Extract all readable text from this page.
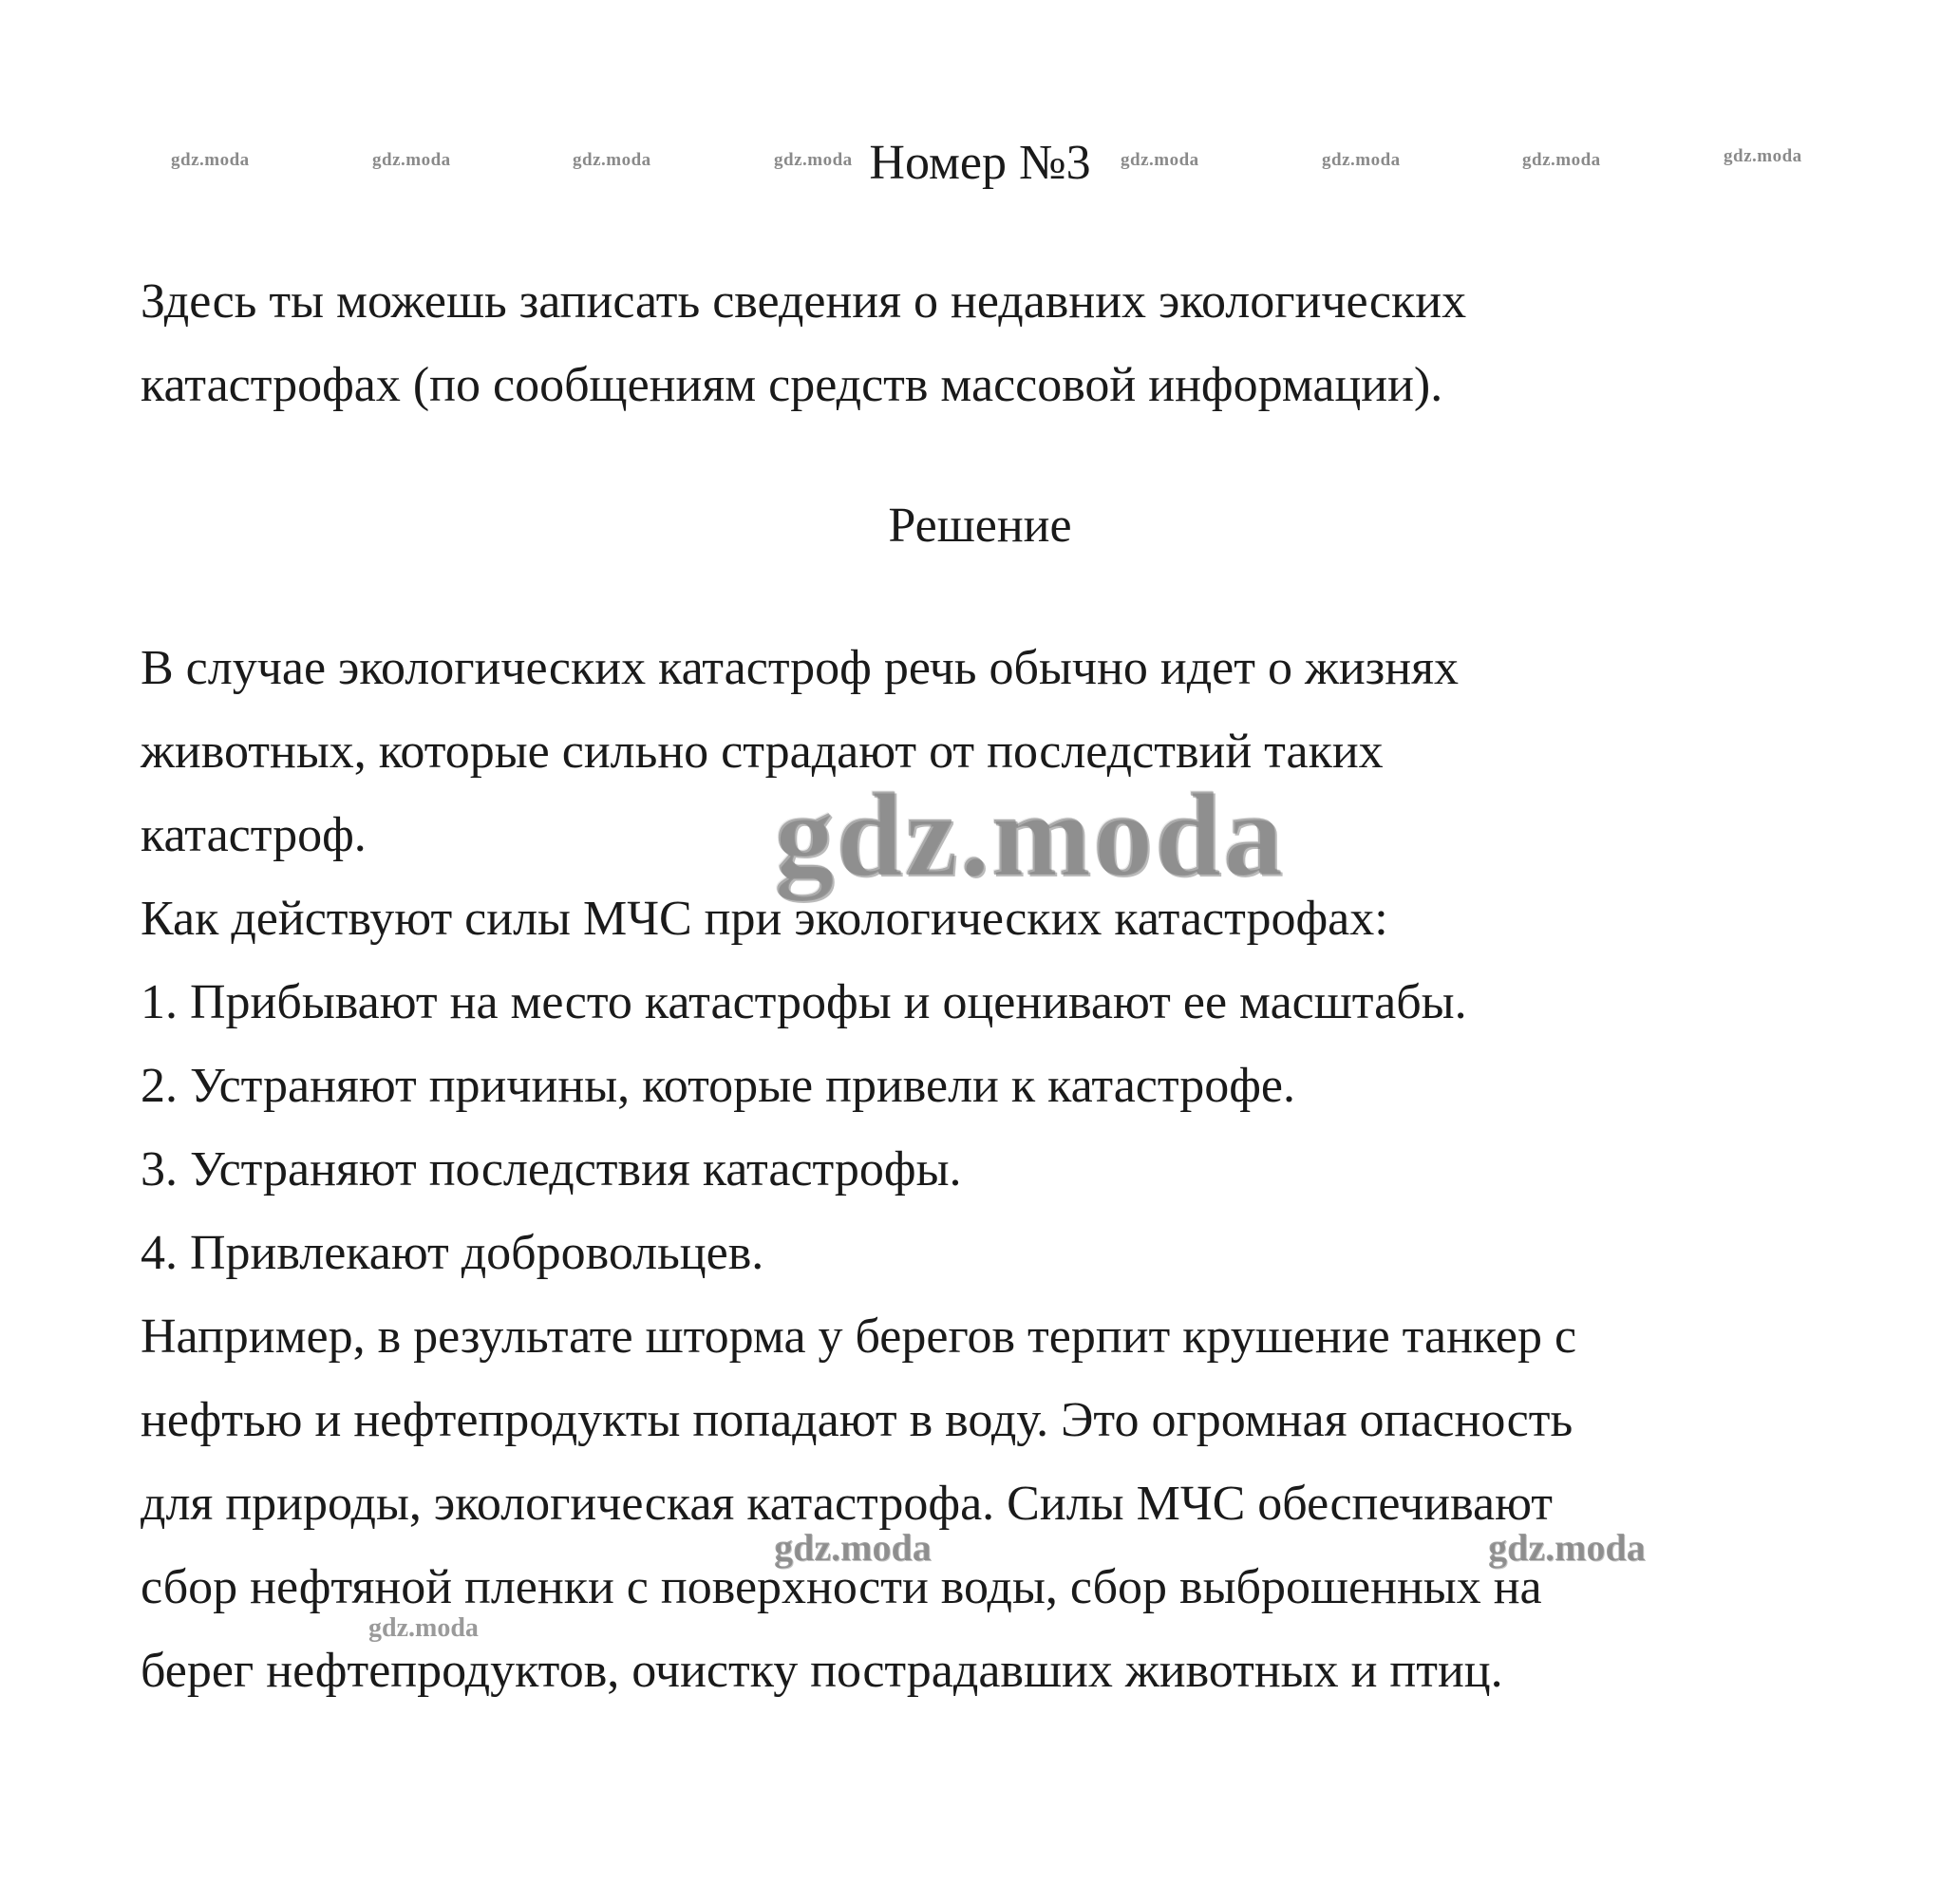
gdz.moda	gdz.moda	gdz.moda	gdz.moda	gdz.moda	gdz.moda	gdz.moda	gdz.moda
Номер №3
Здесь ты можешь записать сведения о недавних экологических
катастрофах (по сообщениям средств массовой информации).
Решение
В случае экологических катастроф речь обычно идет о жизнях
животных, которые сильно страдают от последствий таких
катастроф.
Как действуют силы МЧС при экологических катастрофах:
1. Прибывают на место катастрофы и оценивают ее масштабы.
2. Устраняют причины, которые привели к катастрофе.
3. Устраняют последствия катастрофы.
4. Привлекают добровольцев.
Например, в результате шторма у берегов терпит крушение танкер с
нефтью и нефтепродукты попадают в воду. Это огромная опасность
для природы, экологическая катастрофа. Силы МЧС обеспечивают
сбор нефтяной пленки с поверхности воды, сбор выброшенных на
берег нефтепродуктов, очистку пострадавших животных и птиц.
gdz.moda
gdz.moda	gdz.moda
gdz.moda
